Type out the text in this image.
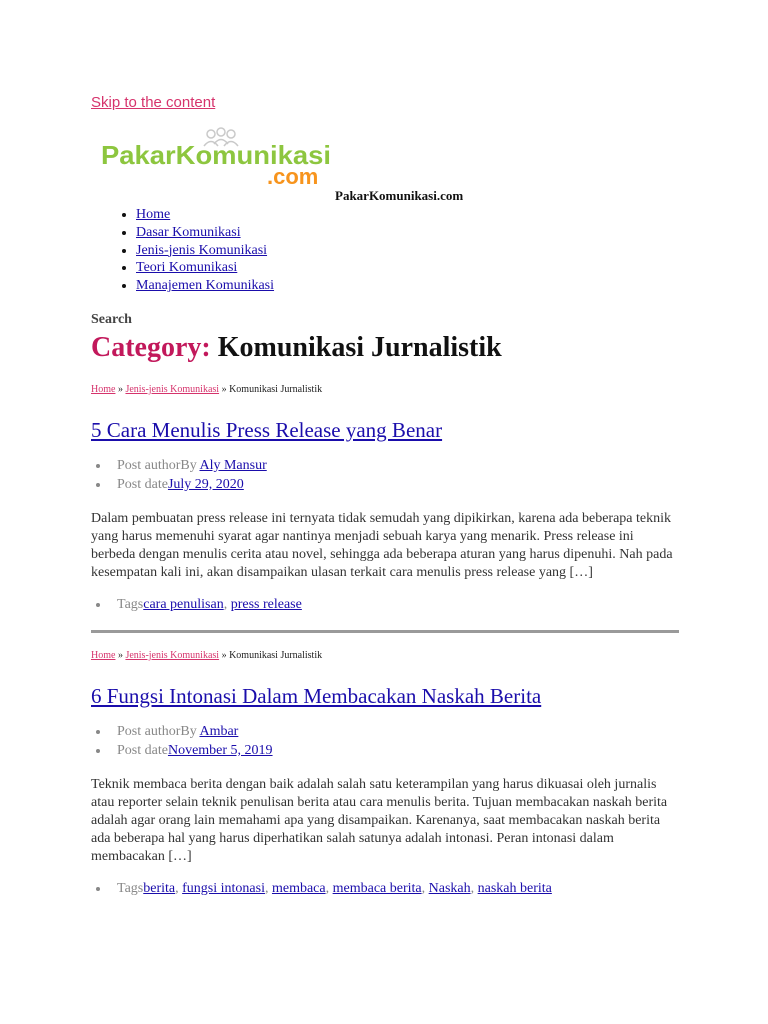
Skip to the content
Pakar Komunikasi
.com
PakarKomunikasi.com
• Home
• Dasar Komunikasi
• Jenis-jenis Komunikasi
• Teori Komunikasi
• Manajemen Komunikasi
Search
Category: Komunikasi Jurnalistik
Home » Jenis-jenis Komunikasi » Komunikasi Jurnalistik
5 Cara Menulis Press Release yang Benar
Post authorBy Aly Mansur
Post dateJuly 29, 2020

Dalam pembuatan press release ini ternyata tidak semudah yang dipikirkan, karena ada beberapa teknik yang harus memenuhi syarat agar nantinya menjadi sebuah karya yang menarik. Press release ini berbeda dengan menulis cerita atau novel, sehingga ada beberapa aturan yang harus dipenuhi. Nah pada kesempatan kali ini, akan disampaikan ulasan terkait cara menulis press release yang […]

Tagscara penulisan, press release
Home » Jenis-jenis Komunikasi » Komunikasi Jurnalistik
6 Fungsi Intonasi Dalam Membacakan Naskah Berita
Post authorBy Ambar
Post dateNovember 5, 2019

Teknik membaca berita dengan baik adalah salah satu keterampilan yang harus dikuasai oleh jurnalis atau reporter selain teknik penulisan berita atau cara menulis berita. Tujuan membacakan naskah berita adalah agar orang lain memahami apa yang disampaikan. Karenanya, saat membacakan naskah berita ada beberapa hal yang harus diperhatikan salah satunya adalah intonasi. Peran intonasi dalam membacakan […]

Tagsberita, fungsi intonasi, membaca, membaca berita, Naskah, naskah berita
